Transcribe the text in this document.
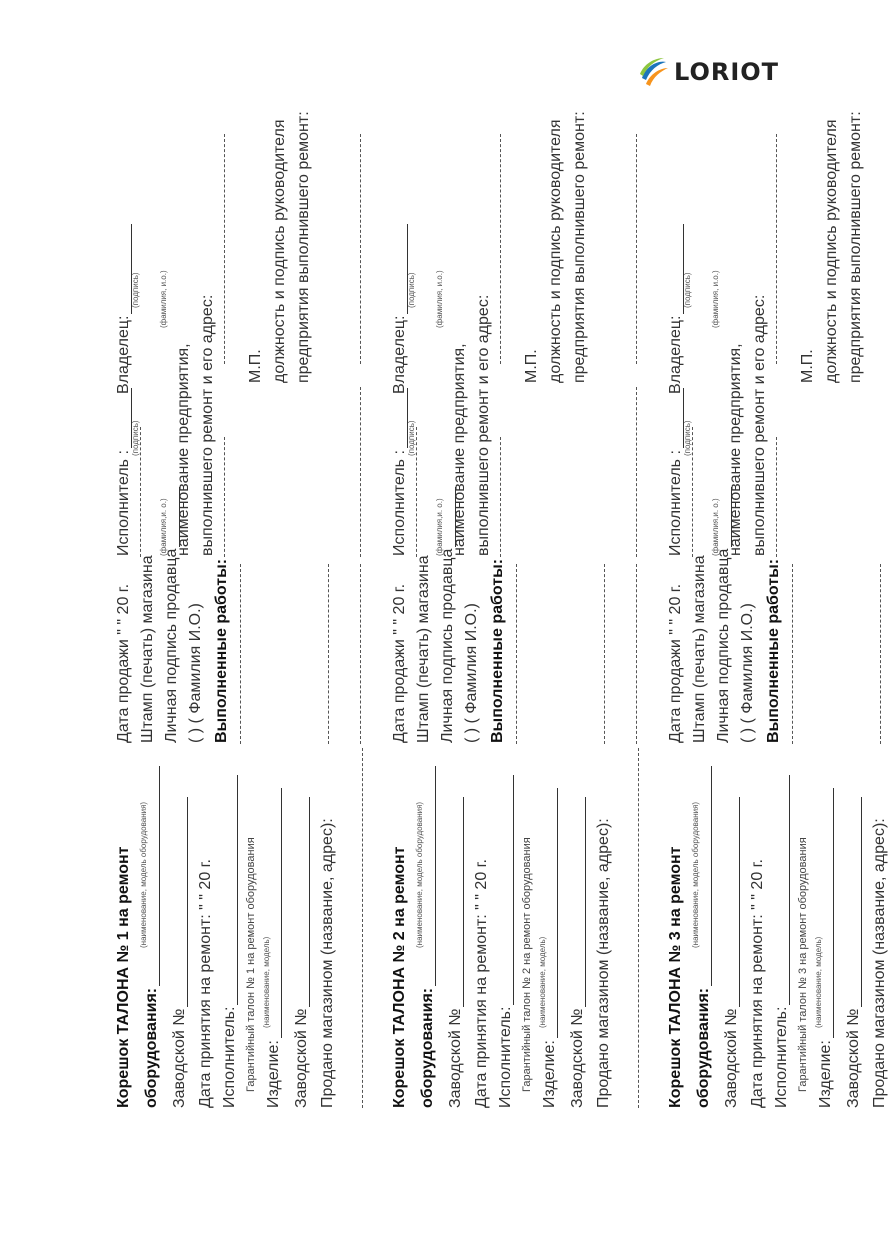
LORIOT
Корешок ТАЛОНА № 1 на ремонт оборудования:
(наименование, модель оборудования)
Заводской № Дата принятия на ремонт: " " 20 г. Исполнитель: Гарантийный талон № 1 на ремонт оборудования Изделие:
(наименование, модель)
Заводской № Продано магазином (название, адрес):
Дата продажи " " 20 г. Штамп (печать) магазина Личная подпись продавца ( ) ( Фамилия И.О.) Выполненные работы:
Исполнитель :
(подпись)
Владелец:
(подпись)
(фамилия,и. о.)
(фамилия, и.о.)
наименование предприятия, выполнившего ремонт и его адрес: М.П. должность и подпись руководителя предприятия выполнившего ремонт:
Корешок ТАЛОНА № 2 на ремонт оборудования:
(наименование, модель оборудования)
Заводской № Дата принятия на ремонт: " " 20 г. Исполнитель: Гарантийный талон № 2 на ремонт оборудования Изделие:
(наименование, модель)
Заводской № Продано магазином (название, адрес):
Дата продажи " " 20 г. Штамп (печать) магазина Личная подпись продавца ( ) ( Фамилия И.О.) Выполненные работы:
Исполнитель :
(подпись)
Владелец:
(подпись)
(фамилия,и. о.)
(фамилия, и.о.)
наименование предприятия, выполнившего ремонт и его адрес: М.П. должность и подпись руководителя предприятия выполнившего ремонт:
Корешок ТАЛОНА № 3 на ремонт оборудования:
(наименование, модель оборудования)
Заводской № Дата принятия на ремонт: " " 20 г. Исполнитель: Гарантийный талон № 3 на ремонт оборудования Изделие:
(наименование, модель)
Заводской № Продано магазином (название, адрес):
Дата продажи " " 20 г. Штамп (печать) магазина Личная подпись продавца ( ) ( Фамилия И.О.) Выполненные работы:
Исполнитель :
(подпись)
Владелец:
(подпись)
(фамилия,и. о.)
(фамилия, и.о.)
наименование предприятия, выполнившего ремонт и его адрес: М.П. должность и подпись руководителя предприятия выполнившего ремонт:
